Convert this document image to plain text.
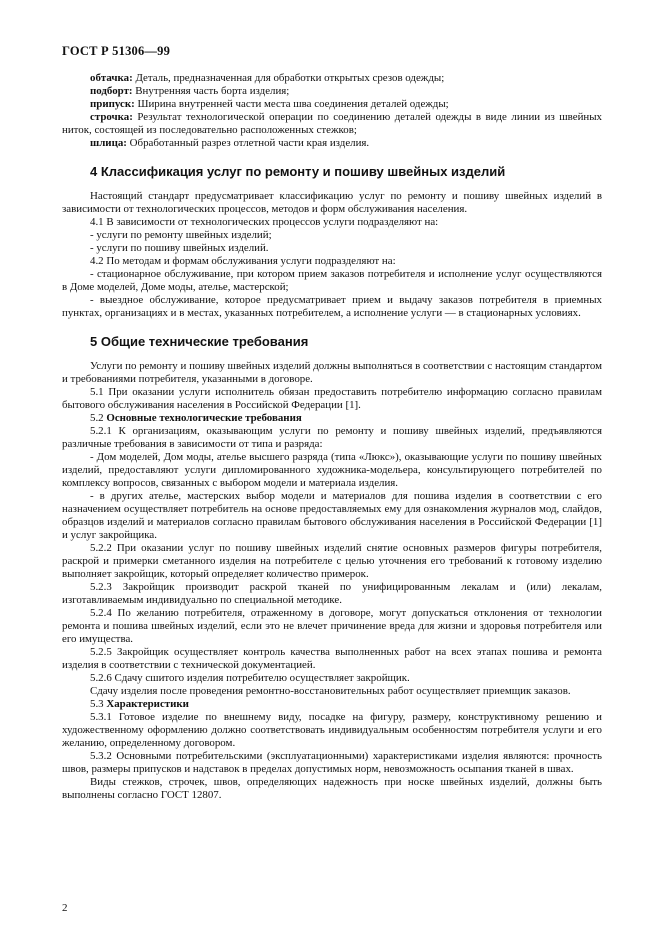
ГОСТ Р 51306—99

обтачка: Деталь, предназначенная для обработки открытых срезов одежды;

подборт: Внутренняя часть борта изделия;

припуск: Ширина внутренней части места шва соединения деталей одежды;

строчка: Результат технологической операции по соединению деталей одежды в виде линии из швейных ниток, состоящей из последовательно расположенных стежков;

шлица: Обработанный разрез отлетной части края изделия.

4 Классификация услуг по ремонту и пошиву швейных изделий

Настоящий стандарт предусматривает классификацию услуг по ремонту и пошиву швейных изделий в зависимости от технологических процессов, методов и форм обслуживания населения.

4.1 В зависимости от технологических процессов услуги подразделяют на:

- услуги по ремонту швейных изделий;

- услуги по пошиву швейных изделий.

4.2 По методам и формам обслуживания услуги подразделяют на:

- стационарное обслуживание, при котором прием заказов потребителя и исполнение услуг осуществляются в Доме моделей, Доме моды, ателье, мастерской;

- выездное обслуживание, которое предусматривает прием и выдачу заказов потребителя в приемных пунктах, организациях и в местах, указанных потребителем, а исполнение услуги — в стационарных условиях.

5 Общие технические требования

Услуги по ремонту и пошиву швейных изделий должны выполняться в соответствии с настоящим стандартом и требованиями потребителя, указанными в договоре.

5.1 При оказании услуги исполнитель обязан предоставить потребителю информацию согласно правилам бытового обслуживания населения в Российской Федерации [1].

5.2 Основные технологические требования

5.2.1 К организациям, оказывающим услуги по ремонту и пошиву швейных изделий, предъявляются различные требования в зависимости от типа и разряда:

- Дом моделей, Дом моды, ателье высшего разряда (типа «Люкс»), оказывающие услуги по пошиву швейных изделий, предоставляют услуги дипломированного художника-модельера, консультирующего потребителей по комплексу вопросов, связанных с выбором модели и материала изделия.

- в других ателье, мастерских выбор модели и материалов для пошива изделия в соответствии с его назначением осуществляет потребитель на основе предоставляемых ему для ознакомления журналов мод, слайдов, образцов изделий и материалов согласно правилам бытового обслуживания населения в Российской Федерации [1] и услуг закройщика.

5.2.2 При оказании услуг по пошиву швейных изделий снятие основных размеров фигуры потребителя, раскрой и примерки сметанного изделия на потребителе с целью уточнения его требований к готовому изделию выполняет закройщик, который определяет количество примерок.

5.2.3 Закройщик производит раскрой тканей по унифицированным лекалам и (или) лекалам, изготавливаемым индивидуально по специальной методике.

5.2.4 По желанию потребителя, отраженному в договоре, могут допускаться отклонения от технологии ремонта и пошива швейных изделий, если это не влечет причинение вреда для жизни и здоровья потребителя или его имущества.

5.2.5 Закройщик осуществляет контроль качества выполненных работ на всех этапах пошива и ремонта изделия в соответствии с технической документацией.

5.2.6 Сдачу сшитого изделия потребителю осуществляет закройщик.

Сдачу изделия после проведения ремонтно-восстановительных работ осуществляет приемщик заказов.

5.3 Характеристики

5.3.1 Готовое изделие по внешнему виду, посадке на фигуру, размеру, конструктивному решению и художественному оформлению должно соответствовать индивидуальным особенностям потребителя услуги и его желанию, определенному договором.

5.3.2 Основными потребительскими (эксплуатационными) характеристиками изделия являются: прочность швов, размеры припусков и надставок в пределах допустимых норм, невозможность осыпания тканей в швах.

Виды стежков, строчек, швов, определяющих надежность при носке швейных изделий, должны быть выполнены согласно ГОСТ 12807.

2
